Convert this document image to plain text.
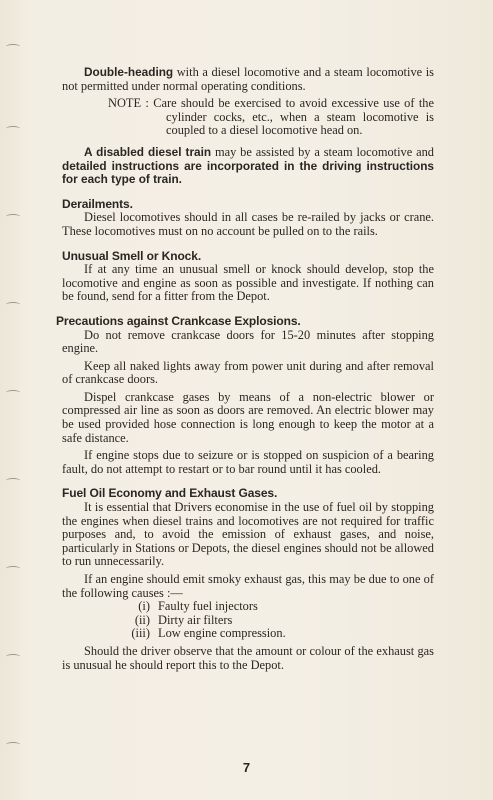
Double-heading with a diesel locomotive and a steam locomotive is not permitted under normal operating conditions.

NOTE : Care should be exercised to avoid excessive use of the cylinder cocks, etc., when a steam locomotive is coupled to a diesel locomotive head on.

A disabled diesel train may be assisted by a steam locomotive and detailed instructions are incorporated in the driving instructions for each type of train.

Derailments.

Diesel locomotives should in all cases be re-railed by jacks or crane. These locomotives must on no account be pulled on to the rails.

Unusual Smell or Knock.

If at any time an unusual smell or knock should develop, stop the locomotive and engine as soon as possible and investigate. If nothing can be found, send for a fitter from the Depot.

Precautions against Crankcase Explosions.

Do not remove crankcase doors for 15-20 minutes after stopping engine.

Keep all naked lights away from power unit during and after removal of crankcase doors.

Dispel crankcase gases by means of a non-electric blower or compressed air line as soon as doors are removed. An electric blower may be used provided hose connection is long enough to keep the motor at a safe distance.

If engine stops due to seizure or is stopped on suspicion of a bearing fault, do not attempt to restart or to bar round until it has cooled.

Fuel Oil Economy and Exhaust Gases.

It is essential that Drivers economise in the use of fuel oil by stopping the engines when diesel trains and locomotives are not required for traffic purposes and, to avoid the emission of exhaust gases, and noise, particularly in Stations or Depots, the diesel engines should not be allowed to run unnecessarily.

If an engine should emit smoky exhaust gas, this may be due to one of the following causes :—

(i) Faulty fuel injectors
(ii) Dirty air filters
(iii) Low engine compression.

Should the driver observe that the amount or colour of the exhaust gas is unusual he should report this to the Depot.

7
